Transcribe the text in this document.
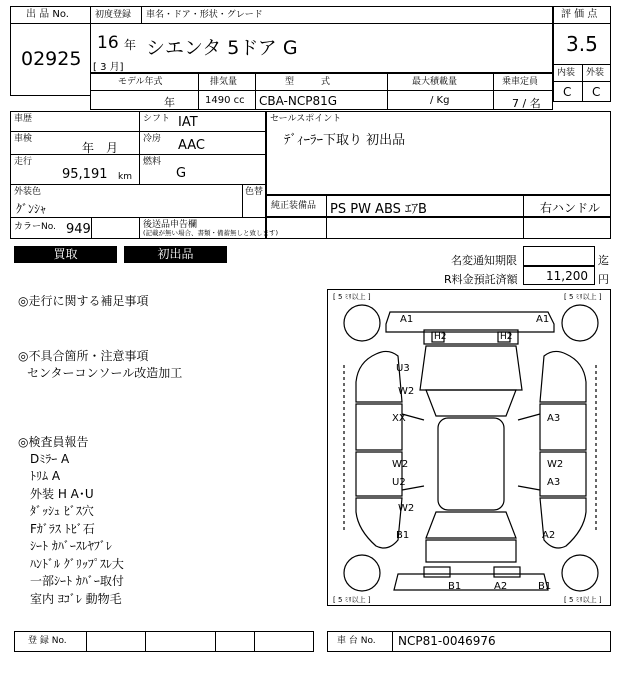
出 品 No.
02925
初度登録 車名・ドア・形状・グレード
16 年
[ 3 月]
シエンタ 5ドア G
評 価 点
3.5
内装 外装
C C
モデル年式	排気量	型　　　式	最大積載量	乗車定員
年	1490 cc CBA-NCP81G	/ Kg	7 / 名
車歴	シフト IAT
車検
年　月
冷房 AAC
走行
95,191 km
燃料
G
外装色
ｸﾞﾝｼｬ
色替
カラーNo. 949	後送品申告欄
(記載が無い場合、書類・備蓄無しと致します)
セールスポイント
ﾃﾞｨｰﾗｰ下取り 初出品
純正装備品 PS PW ABS ｴｱB	右ハンドル
買取	初出品	名変通知期限	迄
R料金預託済額 11,200 円
◎走行に関する補足事項
◎不具合箇所・注意事項
センターコンソール改造加工
◎検査員報告
Dﾐﾗｰ A
ﾄﾘﾑ A
外装 H A･U
ﾀﾞｯｼｭ ﾋﾞｽ穴
Fｶﾞﾗｽ ﾄﾋﾞ石
ｼｰﾄ ｶﾊﾞｰｽﾚﾔﾌﾞﾚ
ﾊﾝﾄﾞﾙ ｸﾞﾘｯﾌﾟｽﾚ大
一部ｼｰﾄ ｶﾊﾞｰ取付
室内 ﾖｺﾞﾚ 動物毛
[ 5 ﾐﾘ以上 ]	[ 5 ﾐﾘ以上 ]
[ 5 ﾐﾘ以上 ]	[ 5 ﾐﾘ以上 ]
A1	A1
H2	H2
U3
W2
XX	A3
W2	W2
U2	A3
W2
B1	A2
B1	A2	B1
登 録 No.	車 台 No. NCP81-0046976
